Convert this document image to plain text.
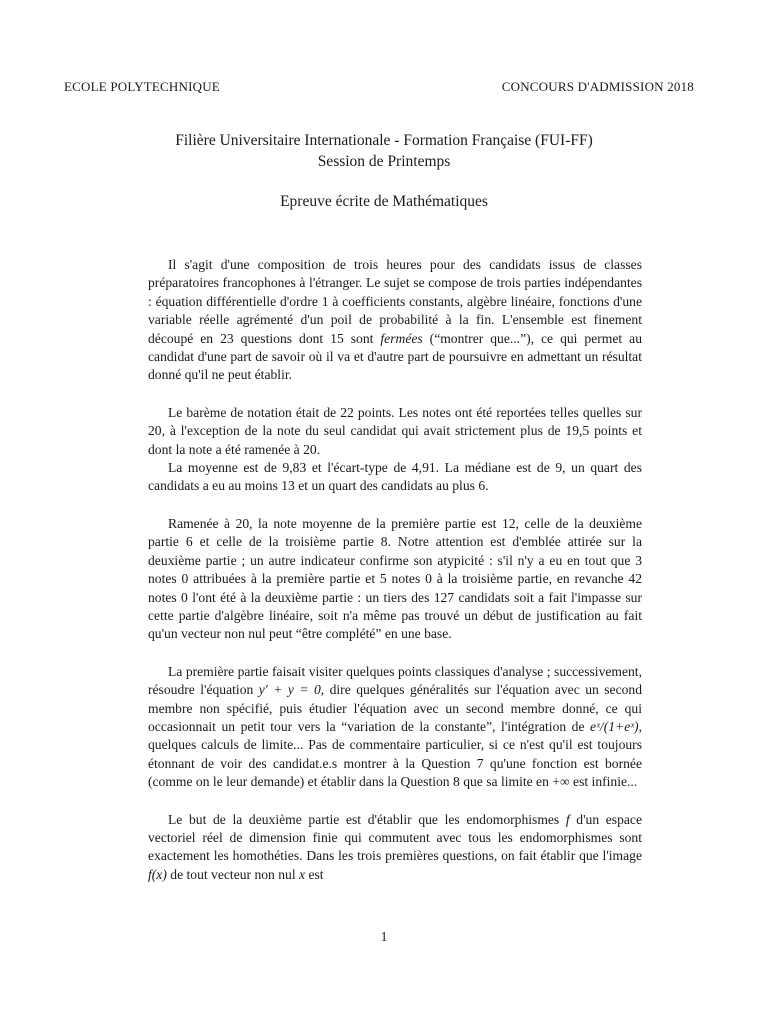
ECOLE POLYTECHNIQUE	CONCOURS D'ADMISSION 2018
Filière Universitaire Internationale - Formation Française (FUI-FF)
Session de Printemps
Epreuve écrite de Mathématiques

Il s'agit d'une composition de trois heures pour des candidats issus de classes préparatoires francophones à l'étranger. Le sujet se compose de trois parties indépendantes : équation différentielle d'ordre 1 à coefficients constants, algèbre linéaire, fonctions d'une variable réelle agrémenté d'un poil de probabilité à la fin. L'ensemble est finement découpé en 23 questions dont 15 sont fermées (“montrer que...”), ce qui permet au candidat d'une part de savoir où il va et d'autre part de poursuivre en admettant un résultat donné qu'il ne peut établir.

Le barème de notation était de 22 points. Les notes ont été reportées telles quelles sur 20, à l'exception de la note du seul candidat qui avait strictement plus de 19,5 points et dont la note a été ramenée à 20.

La moyenne est de 9,83 et l'écart-type de 4,91. La médiane est de 9, un quart des candidats a eu au moins 13 et un quart des candidats au plus 6.

Ramenée à 20, la note moyenne de la première partie est 12, celle de la deuxième partie 6 et celle de la troisième partie 8. Notre attention est d'emblée attirée sur la deuxième partie ; un autre indicateur confirme son atypicité : s'il n'y a eu en tout que 3 notes 0 attribuées à la première partie et 5 notes 0 à la troisième partie, en revanche 42 notes 0 l'ont été à la deuxième partie : un tiers des 127 candidats soit a fait l'impasse sur cette partie d'algèbre linéaire, soit n'a même pas trouvé un début de justification au fait qu'un vecteur non nul peut “être complété” en une base.

La première partie faisait visiter quelques points classiques d'analyse ; successivement, résoudre l'équation y′ + y = 0, dire quelques généralités sur l'équation avec un second membre non spécifié, puis étudier l'équation avec un second membre donné, ce qui occasionnait un petit tour vers la “variation de la constante”, l'intégration de eˣ/(1+eˣ), quelques calculs de limite... Pas de commentaire particulier, si ce n'est qu'il est toujours étonnant de voir des candidat.e.s montrer à la Question 7 qu'une fonction est bornée (comme on le leur demande) et établir dans la Question 8 que sa limite en +∞ est infinie...

Le but de la deuxième partie est d'établir que les endomorphismes f d'un espace vectoriel réel de dimension finie qui commutent avec tous les endomorphismes sont exactement les homothéties. Dans les trois premières questions, on fait établir que l'image f(x) de tout vecteur non nul x est

1
